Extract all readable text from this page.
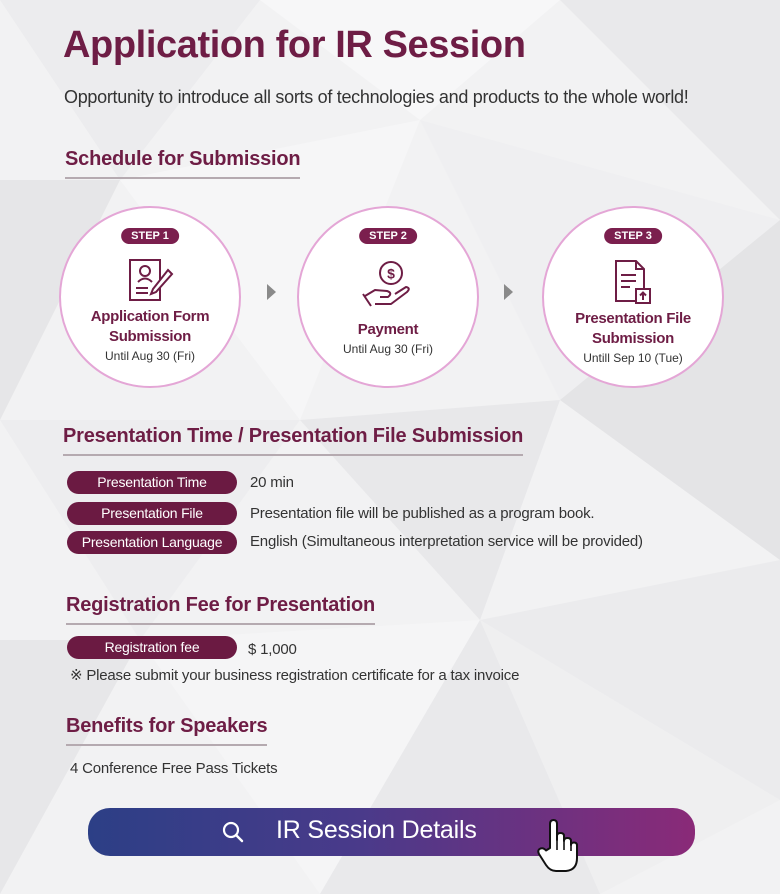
Application for IR Session
Opportunity to introduce all sorts of technologies and products to the whole world!
Schedule for Submission
STEP 1
Application Form
Submission
Until Aug 30 (Fri)
STEP 2
$
Payment
Until Aug 30 (Fri)
STEP 3
Presentation File
Submission
Untill Sep 10 (Tue)
Presentation Time / Presentation File Submission
Presentation Time	20 min
Presentation File	Presentation file will be published as a program book.
Presentation Language	English (Simultaneous interpretation service will be provided)
Registration Fee for Presentation
Registration fee	$ 1,000
※ Please submit your business registration certificate for a tax invoice
Benefits for Speakers
4 Conference Free Pass Tickets
IR Session Details
